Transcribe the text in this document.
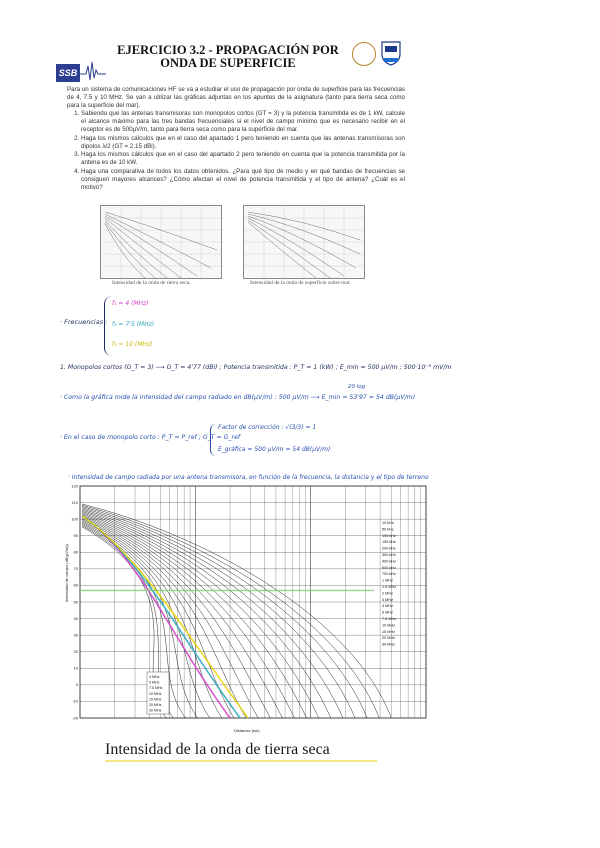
SSB
EJERCICIO 3.2 - PROPAGACIÓN POR
ONDA DE SUPERFICIE

Para un sistema de comunicaciones HF se va a estudiar el uso de propagación por onda de superficie para las frecuencias de 4, 7.5 y 10 MHz. Se van a utilizar las gráficas adjuntas en los apuntes de la asignatura (tanto para tierra seca como para la superficie del mar).

1. Sabiendo que las antenas transmisoras son monopolos cortos (GT = 3) y la potencia transmitida es de 1 kW, calcule el alcance máximo para las tres bandas frecuenciales si el nivel de campo mínimo que es necesario recibir en el receptor es de 500µV/m, tanto para tierra seca como para la superficie del mar.
2. Haga los mismos cálculos que en el caso del apartado 1 pero teniendo en cuenta que las antenas transmisoras son dipolos λ/2 (GT = 2.15 dBi).
3. Haga los mismos cálculos que en el caso del apartado 2 pero teniendo en cuenta que la potencia transmitida por la antena es de 10 kW.
4. Haga una comparativa de todos los datos obtenidos. ¿Para qué tipo de medio y en qué bandas de frecuencias se consiguen mayores alcances? ¿Cómo afectan el nivel de potencia transmitida y el tipo de antena? ¿Cuál es el motivo?
Intensidad de la onda de tierra seca.	Intensidad de la onda de superficie sobre mar.
· Frecuencias :
f₁ = 4 (MHz)
f₂ = 7'5 (MHz)
f₃ = 10 (MHz)
1. Monopolos cortos (G_T = 3) ⟶ G_T = 4'77 (dBi) ; Potencia transmitida : P_T = 1 (kW) ; E_min = 500 µV/m ; 500·10⁻⁶ mV/m
20·log
· Como la gráfica mide la intensidad del campo radiado en dB(µV/m) : 500 µV/m ⟶ E_min = 53'97 ≈ 54 dB(µV/m)
· En el caso de monopolo corto : P_T = P_ref ; G_T = G_ref
Factor de corrección : √(3/3) = 1
E_gráfica = 500 µV/m = 54 dB(µV/m)
· Intensidad de campo radiada por una antena transmisora, en función de la frecuencia, la distancia y el tipo de terreno
120
110
100
90
80
70
60
50
40
30
20
10
0
-10
-20
10 kHz
50 kHz
100 kHz
150 kHz
200 kHz
300 kHz
400 kHz
500 kHz
700 kHz
1 MHz
1.5 MHz
2 MHz
3 MHz
4 MHz
5 MHz
7.5 MHz
10 MHz
15 MHz
20 MHz
30 MHz
4 MHz
5 MHz
7.5 MHz
10 MHz
15 MHz
20 MHz
30 MHz
Intensidad de campo (dB(µV/m))
Distancia (km)
Intensidad de la onda de tierra seca
